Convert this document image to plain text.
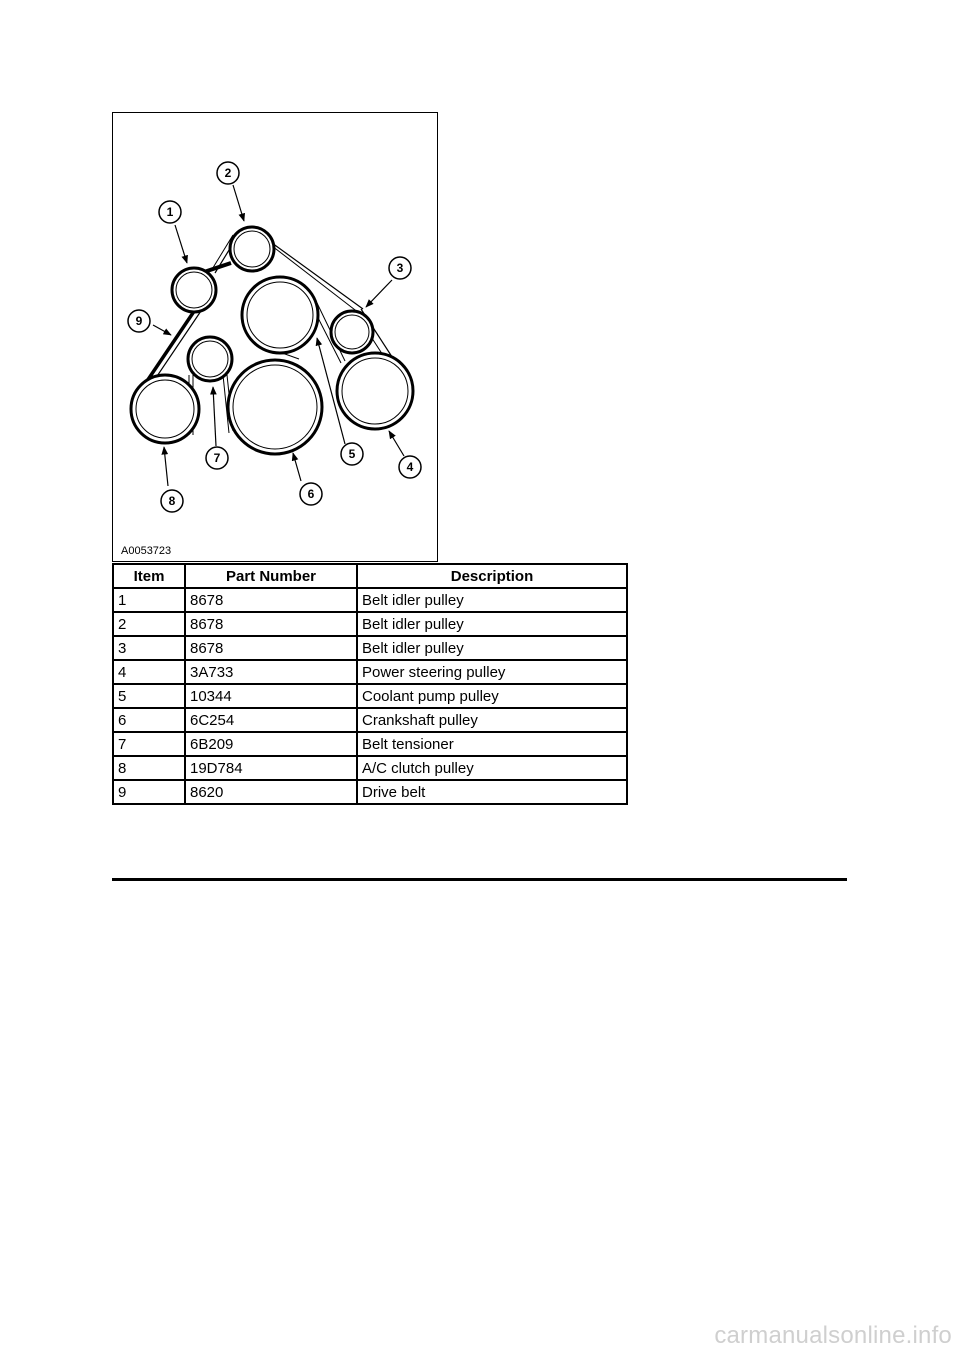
1
2
3
4
5
6
7
8
9
A0053723
Item	Part Number	Description
1	8678	Belt idler pulley
2	8678	Belt idler pulley
3	8678	Belt idler pulley
4	3A733	Power steering pulley
5	10344	Coolant pump pulley
6	6C254	Crankshaft pulley
7	6B209	Belt tensioner
8	19D784	A/C clutch pulley
9	8620	Drive belt
carmanualsonline.info
